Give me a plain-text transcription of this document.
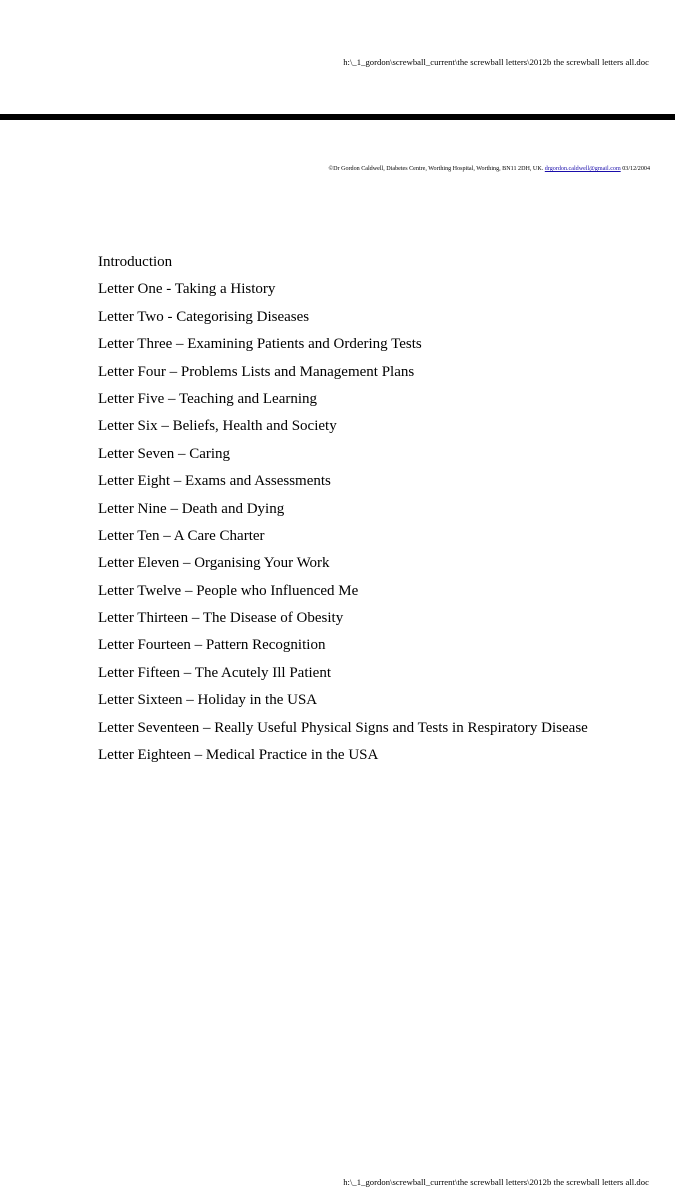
h:\_1_gordon\screwball_current\the screwball letters\2012b the screwball letters all.doc
©Dr Gordon Caldwell, Diabetes Centre, Worthing Hospital, Worthing, BN11 2DH, UK. drgordon.caldwell@gmail.com 03/12/2004
Introduction
Letter One - Taking a History
Letter Two - Categorising Diseases
Letter Three – Examining Patients and Ordering Tests
Letter Four – Problems Lists and Management Plans
Letter Five – Teaching and Learning
Letter Six – Beliefs, Health and Society
Letter Seven – Caring
Letter Eight – Exams and Assessments
Letter Nine – Death and Dying
Letter Ten – A Care Charter
Letter Eleven – Organising Your Work
Letter Twelve – People who Influenced Me
Letter Thirteen – The Disease of Obesity
Letter Fourteen – Pattern Recognition
Letter Fifteen – The Acutely Ill Patient
Letter Sixteen – Holiday in the USA
Letter Seventeen – Really Useful Physical Signs and Tests in Respiratory Disease
Letter Eighteen – Medical Practice in the USA
h:\_1_gordon\screwball_current\the screwball letters\2012b the screwball letters all.doc
